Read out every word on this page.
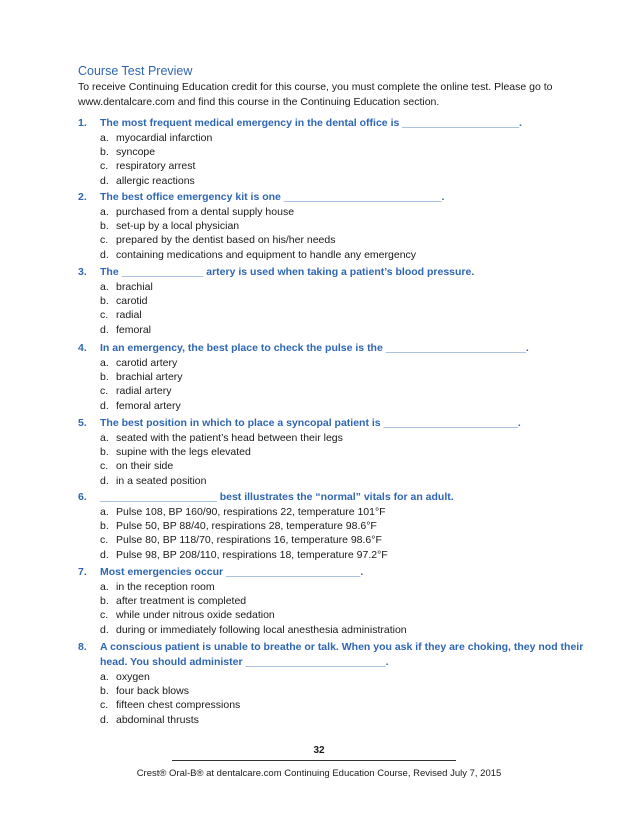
Course Test Preview
To receive Continuing Education credit for this course, you must complete the online test. Please go to www.dentalcare.com and find this course in the Continuing Education section.
1.	The most frequent medical emergency in the dental office is ____________________.
a. myocardial infarction
b. syncope
c. respiratory arrest
d. allergic reactions
2.	The best office emergency kit is one ___________________________.
a. purchased from a dental supply house
b. set-up by a local physician
c. prepared by the dentist based on his/her needs
d. containing medications and equipment to handle any emergency
3.	The ______________ artery is used when taking a patient’s blood pressure.
a. brachial
b. carotid
c. radial
d. femoral
4.	In an emergency, the best place to check the pulse is the ________________________.
a. carotid artery
b. brachial artery
c. radial artery
d. femoral artery
5.	The best position in which to place a syncopal patient is _______________________.
a. seated with the patient’s head between their legs
b. supine with the legs elevated
c. on their side
d. in a seated position
6.	____________________ best illustrates the “normal” vitals for an adult.
a. Pulse 108, BP 160/90, respirations 22, temperature 101°F
b. Pulse 50, BP 88/40, respirations 28, temperature 98.6°F
c. Pulse 80, BP 118/70, respirations 16, temperature 98.6°F
d. Pulse 98, BP 208/110, respirations 18, temperature 97.2°F
7.	Most emergencies occur _______________________.
a. in the reception room
b. after treatment is completed
c. while under nitrous oxide sedation
d. during or immediately following local anesthesia administration
8.	A conscious patient is unable to breathe or talk. When you ask if they are choking, they nod their head. You should administer ________________________.
a. oxygen
b. four back blows
c. fifteen chest compressions
d. abdominal thrusts
32
Crest® Oral-B® at dentalcare.com Continuing Education Course, Revised July 7, 2015
